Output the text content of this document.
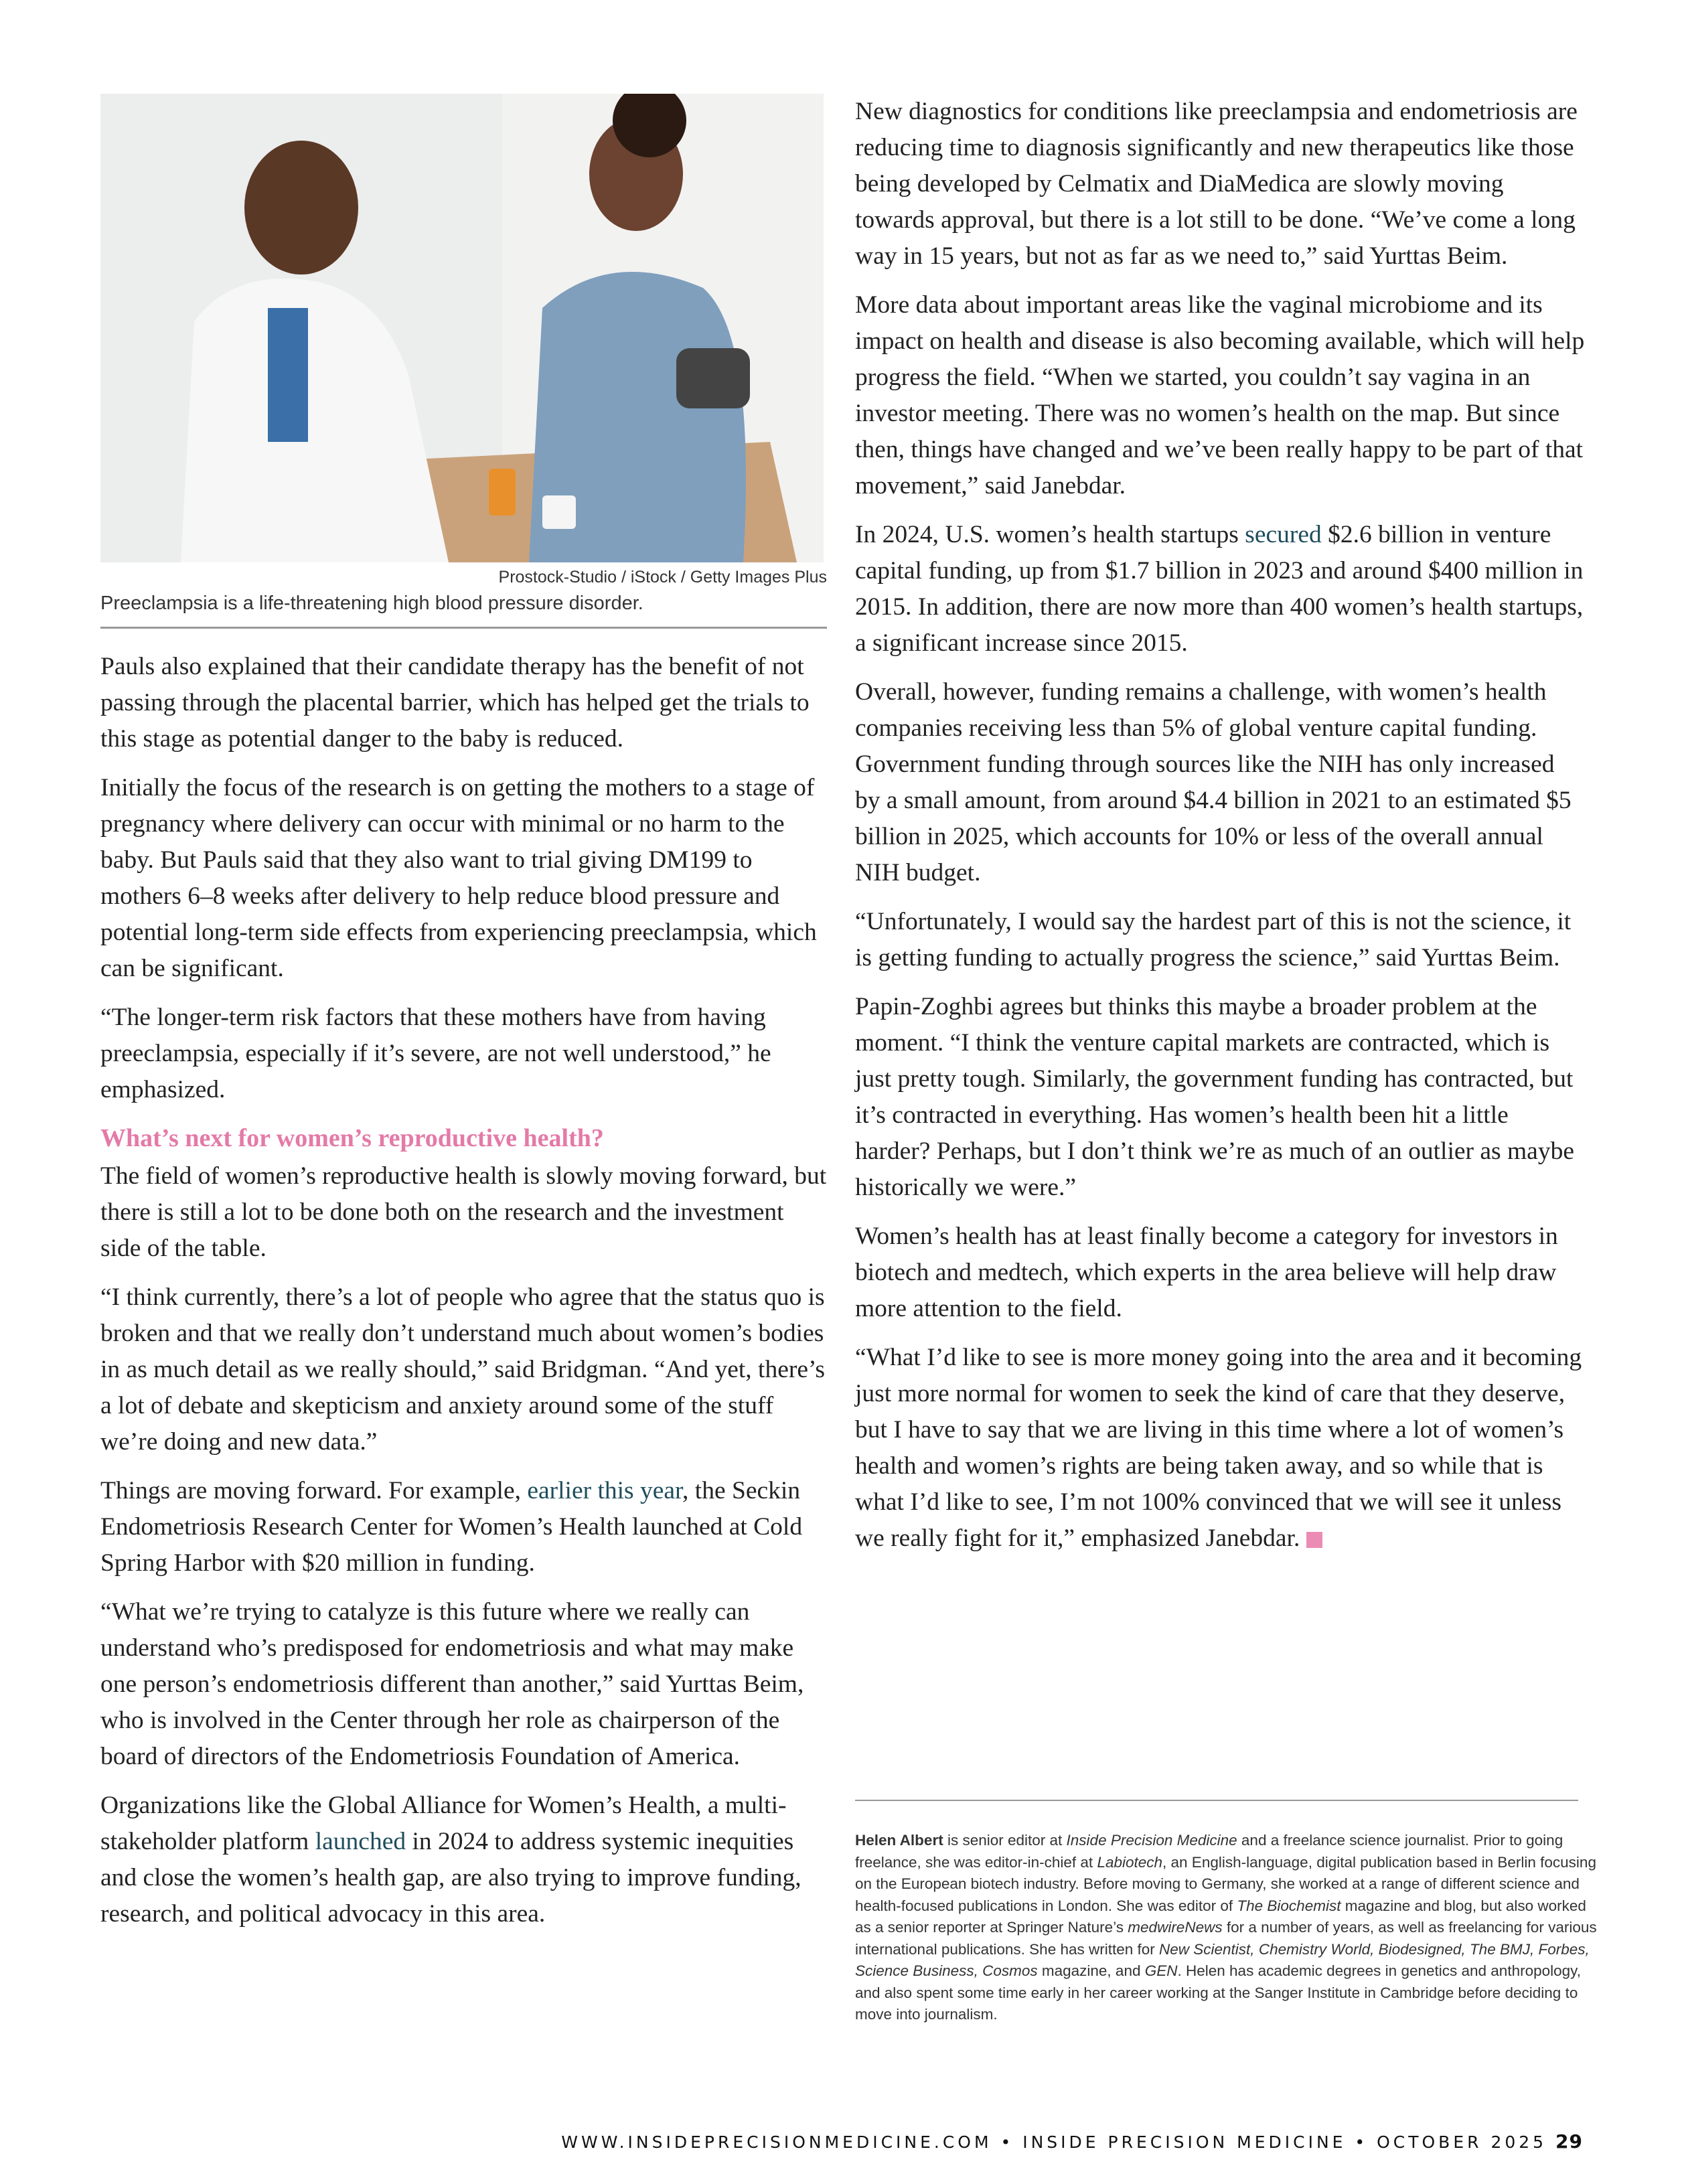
Prostock-Studio / iStock / Getty Images Plus
Preeclampsia is a life-threatening high blood pressure disorder.

Pauls also explained that their candidate therapy has the benefit of not passing through the placental barrier, which has helped get the trials to this stage as potential danger to the baby is reduced.

Initially the focus of the research is on getting the mothers to a stage of pregnancy where delivery can occur with minimal or no harm to the baby. But Pauls said that they also want to trial giving DM199 to mothers 6–8 weeks after delivery to help reduce blood pressure and potential long-term side effects from experiencing preeclampsia, which can be significant.

“The longer-term risk factors that these mothers have from having preeclampsia, especially if it’s severe, are not well understood,” he emphasized.

What’s next for women’s reproductive health?

The field of women’s reproductive health is slowly moving forward, but there is still a lot to be done both on the research and the investment side of the table.

“I think currently, there’s a lot of people who agree that the status quo is broken and that we really don’t understand much about women’s bodies in as much detail as we really should,” said Bridgman. “And yet, there’s a lot of debate and skepticism and anxiety around some of the stuff we’re doing and new data.”

Things are moving forward. For example, earlier this year, the Seckin Endometriosis Research Center for Women’s Health launched at Cold Spring Harbor with $20 million in funding.

“What we’re trying to catalyze is this future where we really can understand who’s predisposed for endometriosis and what may make one person’s endometriosis different than another,” said Yurttas Beim, who is involved in the Center through her role as chairperson of the board of directors of the Endometriosis Foundation of America.

Organizations like the Global Alliance for Women’s Health, a multi-stakeholder platform launched in 2024 to address systemic inequities and close the women’s health gap, are also trying to improve funding, research, and political advocacy in this area.

New diagnostics for conditions like preeclampsia and endometriosis are reducing time to diagnosis significantly and new therapeutics like those being developed by Celmatix and DiaMedica are slowly moving towards approval, but there is a lot still to be done. “We’ve come a long way in 15 years, but not as far as we need to,” said Yurttas Beim.

More data about important areas like the vaginal microbiome and its impact on health and disease is also becoming available, which will help progress the field. “When we started, you couldn’t say vagina in an investor meeting. There was no women’s health on the map. But since then, things have changed and we’ve been really happy to be part of that movement,” said Janebdar.

In 2024, U.S. women’s health startups secured $2.6 billion in venture capital funding, up from $1.7 billion in 2023 and around $400 million in 2015. In addition, there are now more than 400 women’s health startups, a significant increase since 2015.

Overall, however, funding remains a challenge, with women’s health companies receiving less than 5% of global venture capital funding. Government funding through sources like the NIH has only increased by a small amount, from around $4.4 billion in 2021 to an estimated $5 billion in 2025, which accounts for 10% or less of the overall annual NIH budget.

“Unfortunately, I would say the hardest part of this is not the science, it is getting funding to actually progress the science,” said Yurttas Beim.

Papin-Zoghbi agrees but thinks this maybe a broader problem at the moment. “I think the venture capital markets are contracted, which is just pretty tough. Similarly, the government funding has contracted, but it’s contracted in everything. Has women’s health been hit a little harder? Perhaps, but I don’t think we’re as much of an outlier as maybe historically we were.”

Women’s health has at least finally become a category for investors in biotech and medtech, which experts in the area believe will help draw more attention to the field.

“What I’d like to see is more money going into the area and it becoming just more normal for women to seek the kind of care that they deserve, but I have to say that we are living in this time where a lot of women’s health and women’s rights are being taken away, and so while that is what I’d like to see, I’m not 100% convinced that we will see it unless we really fight for it,” emphasized Janebdar.

Helen Albert is senior editor at Inside Precision Medicine and a freelance science journalist. Prior to going freelance, she was editor-in-chief at Labiotech, an English-language, digital publication based in Berlin focusing on the European biotech industry. Before moving to Germany, she worked at a range of different science and health-focused publications in London. She was editor of The Biochemist magazine and blog, but also worked as a senior reporter at Springer Nature’s medwireNews for a number of years, as well as freelancing for various international publications. She has written for New Scientist, Chemistry World, Biodesigned, The BMJ, Forbes, Science Business, Cosmos magazine, and GEN. Helen has academic degrees in genetics and anthropology, and also spent some time early in her career working at the Sanger Institute in Cambridge before deciding to move into journalism.
WWW.INSIDEPRECISIONMEDICINE.COM • INSIDE PRECISION MEDICINE • OCTOBER 2025 29
